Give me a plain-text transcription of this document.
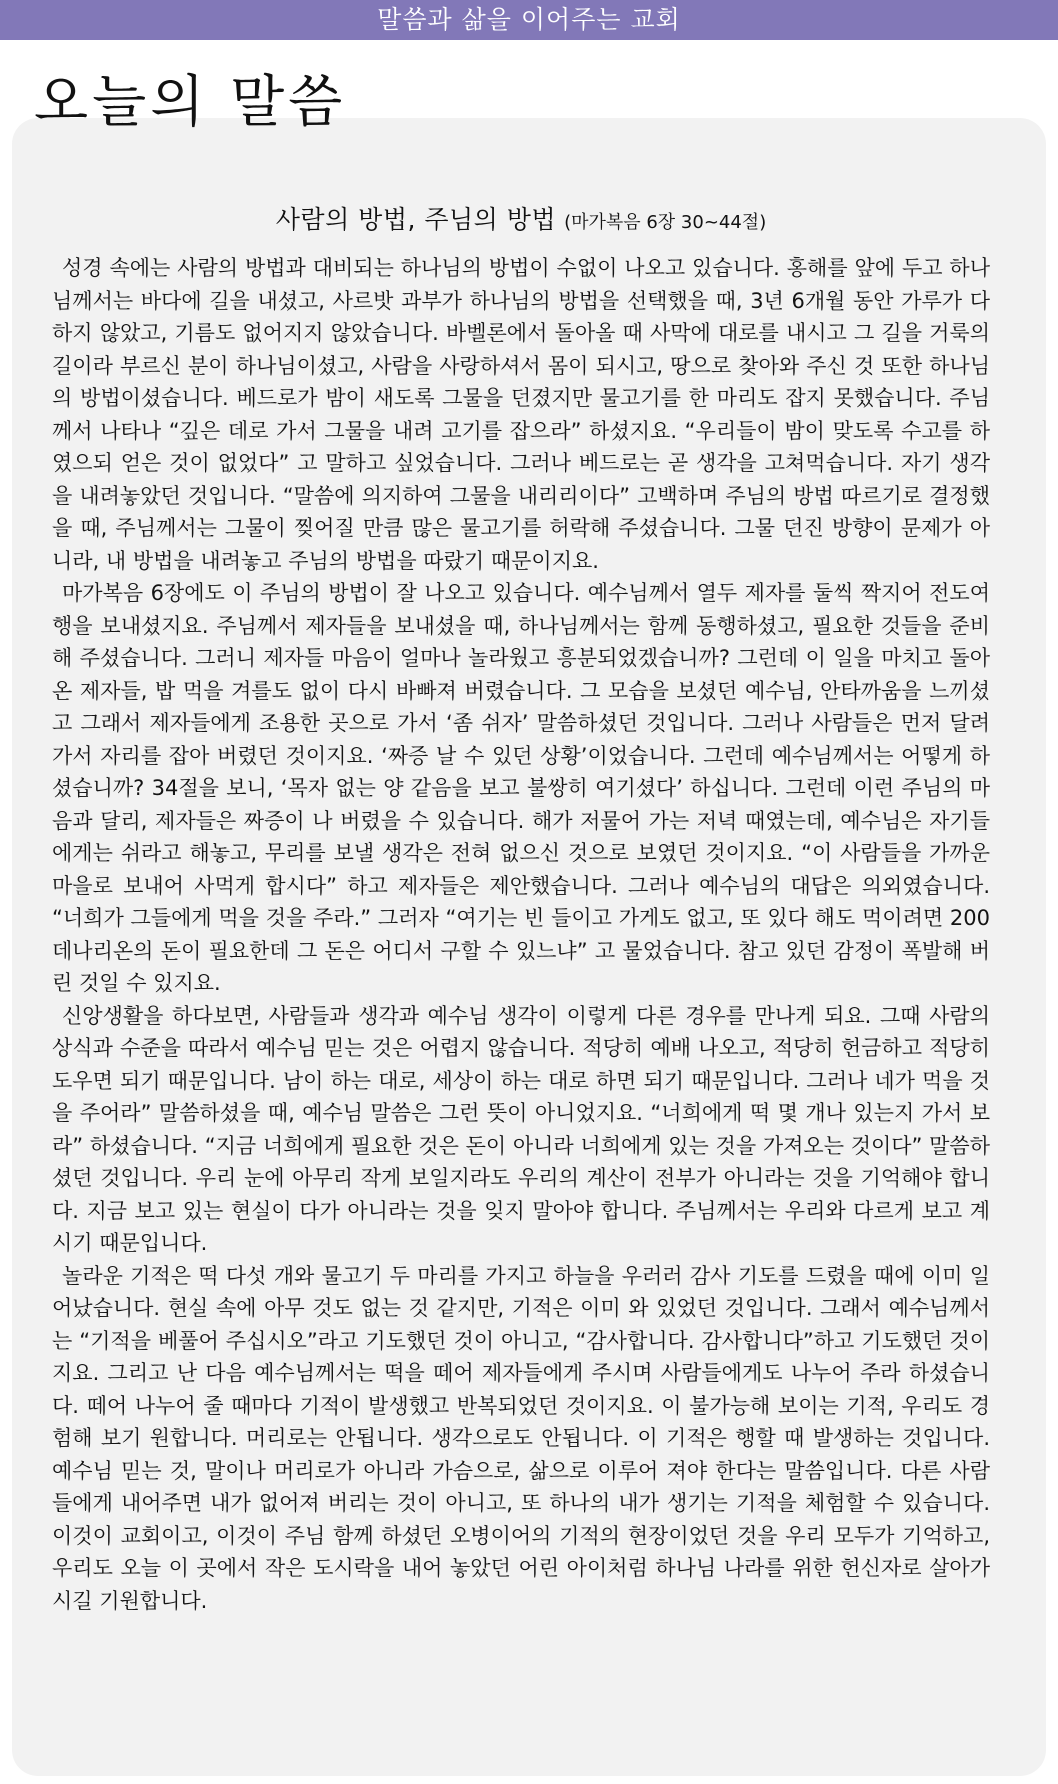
말씀과 삶을 이어주는 교회
오늘의 말씀
사람의 방법, 주님의 방법 (마가복음 6장 30~44절)

성경 속에는 사람의 방법과 대비되는 하나님의 방법이 수없이 나오고 있습니다. 홍해를 앞에 두고 하나님께서는 바다에 길을 내셨고, 사르밧 과부가 하나님의 방법을 선택했을 때, 3년 6개월 동안 가루가 다하지 않았고, 기름도 없어지지 않았습니다. 바벨론에서 돌아올 때 사막에 대로를 내시고 그 길을 거룩의 길이라 부르신 분이 하나님이셨고, 사람을 사랑하셔서 몸이 되시고, 땅으로 찾아와 주신 것 또한 하나님의 방법이셨습니다. 베드로가 밤이 새도록 그물을 던졌지만 물고기를 한 마리도 잡지 못했습니다. 주님께서 나타나 “깊은 데로 가서 그물을 내려 고기를 잡으라” 하셨지요. “우리들이 밤이 맞도록 수고를 하였으되 얻은 것이 없었다” 고 말하고 싶었습니다. 그러나 베드로는 곧 생각을 고쳐먹습니다. 자기 생각을 내려놓았던 것입니다. “말씀에 의지하여 그물을 내리리이다” 고백하며 주님의 방법 따르기로 결정했을 때, 주님께서는 그물이 찢어질 만큼 많은 물고기를 허락해 주셨습니다. 그물 던진 방향이 문제가 아니라, 내 방법을 내려놓고 주님의 방법을 따랐기 때문이지요.

마가복음 6장에도 이 주님의 방법이 잘 나오고 있습니다. 예수님께서 열두 제자를 둘씩 짝지어 전도여행을 보내셨지요. 주님께서 제자들을 보내셨을 때, 하나님께서는 함께 동행하셨고, 필요한 것들을 준비해 주셨습니다. 그러니 제자들 마음이 얼마나 놀라웠고 흥분되었겠습니까? 그런데 이 일을 마치고 돌아온 제자들, 밥 먹을 겨를도 없이 다시 바빠져 버렸습니다. 그 모습을 보셨던 예수님, 안타까움을 느끼셨고 그래서 제자들에게 조용한 곳으로 가서 ‘좀 쉬자’ 말씀하셨던 것입니다. 그러나 사람들은 먼저 달려가서 자리를 잡아 버렸던 것이지요. ‘짜증 날 수 있던 상황’이었습니다. 그런데 예수님께서는 어떻게 하셨습니까? 34절을 보니, ‘목자 없는 양 같음을 보고 불쌍히 여기셨다’ 하십니다. 그런데 이런 주님의 마음과 달리, 제자들은 짜증이 나 버렸을 수 있습니다. 해가 저물어 가는 저녁 때였는데, 예수님은 자기들에게는 쉬라고 해놓고, 무리를 보낼 생각은 전혀 없으신 것으로 보였던 것이지요. “이 사람들을 가까운 마을로 보내어 사먹게 합시다” 하고 제자들은 제안했습니다. 그러나 예수님의 대답은 의외였습니다. “너희가 그들에게 먹을 것을 주라.” 그러자 “여기는 빈 들이고 가게도 없고, 또 있다 해도 먹이려면 200 데나리온의 돈이 필요한데 그 돈은 어디서 구할 수 있느냐” 고 물었습니다. 참고 있던 감정이 폭발해 버린 것일 수 있지요.

신앙생활을 하다보면, 사람들과 생각과 예수님 생각이 이렇게 다른 경우를 만나게 되요. 그때 사람의 상식과 수준을 따라서 예수님 믿는 것은 어렵지 않습니다. 적당히 예배 나오고, 적당히 헌금하고 적당히 도우면 되기 때문입니다. 남이 하는 대로, 세상이 하는 대로 하면 되기 때문입니다. 그러나 네가 먹을 것을 주어라” 말씀하셨을 때, 예수님 말씀은 그런 뜻이 아니었지요. “너희에게 떡 몇 개나 있는지 가서 보라” 하셨습니다. “지금 너희에게 필요한 것은 돈이 아니라 너희에게 있는 것을 가져오는 것이다” 말씀하셨던 것입니다. 우리 눈에 아무리 작게 보일지라도 우리의 계산이 전부가 아니라는 것을 기억해야 합니다. 지금 보고 있는 현실이 다가 아니라는 것을 잊지 말아야 합니다. 주님께서는 우리와 다르게 보고 계시기 때문입니다.

놀라운 기적은 떡 다섯 개와 물고기 두 마리를 가지고 하늘을 우러러 감사 기도를 드렸을 때에 이미 일어났습니다. 현실 속에 아무 것도 없는 것 같지만, 기적은 이미 와 있었던 것입니다. 그래서 예수님께서는 “기적을 베풀어 주십시오”라고 기도했던 것이 아니고, “감사합니다. 감사합니다”하고 기도했던 것이지요. 그리고 난 다음 예수님께서는 떡을 떼어 제자들에게 주시며 사람들에게도 나누어 주라 하셨습니다. 떼어 나누어 줄 때마다 기적이 발생했고 반복되었던 것이지요. 이 불가능해 보이는 기적, 우리도 경험해 보기 원합니다. 머리로는 안됩니다. 생각으로도 안됩니다. 이 기적은 행할 때 발생하는 것입니다. 예수님 믿는 것, 말이나 머리로가 아니라 가슴으로, 삶으로 이루어 져야 한다는 말씀입니다. 다른 사람들에게 내어주면 내가 없어져 버리는 것이 아니고, 또 하나의 내가 생기는 기적을 체험할 수 있습니다. 이것이 교회이고, 이것이 주님 함께 하셨던 오병이어의 기적의 현장이었던 것을 우리 모두가 기억하고, 우리도 오늘 이 곳에서 작은 도시락을 내어 놓았던 어린 아이처럼 하나님 나라를 위한 헌신자로 살아가시길 기원합니다.
